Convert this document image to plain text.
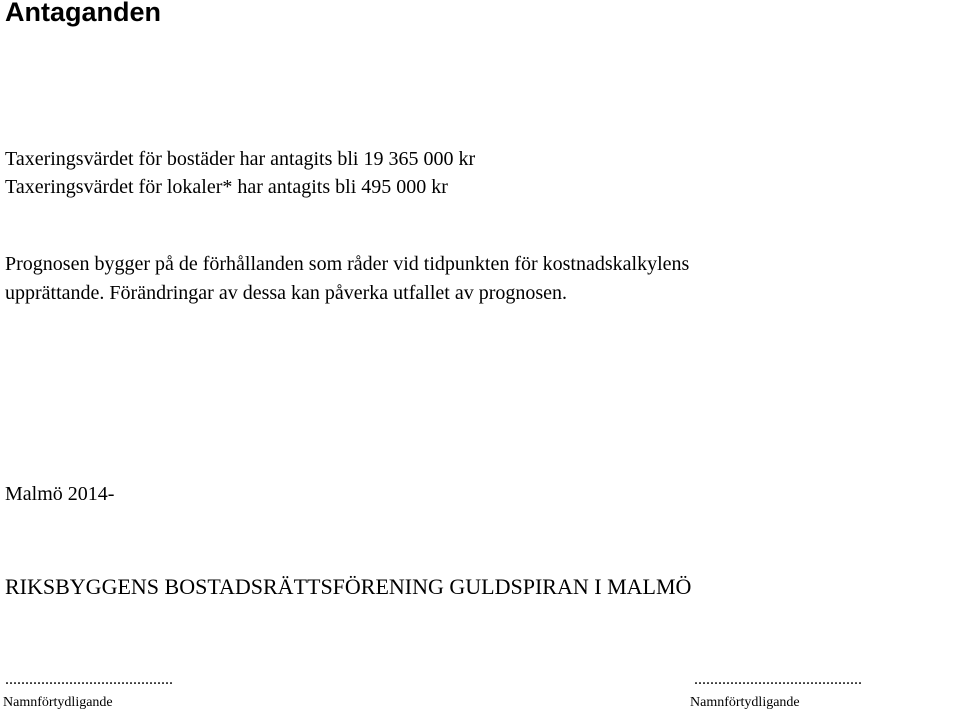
Antaganden
Taxeringsvärdet för bostäder har antagits bli 19 365 000 kr
Taxeringsvärdet för lokaler* har antagits bli 495 000 kr
Prognosen bygger på de förhållanden som råder vid tidpunkten för kostnadskalkylens
upprättande. Förändringar av dessa kan påverka utfallet av prognosen.
Malmö 2014-
RIKSBYGGENS BOSTADSRÄTTSFÖRENING GULDSPIRAN I MALMÖ
..........................................
Namnförtydligande
..........................................
Namnförtydligande
